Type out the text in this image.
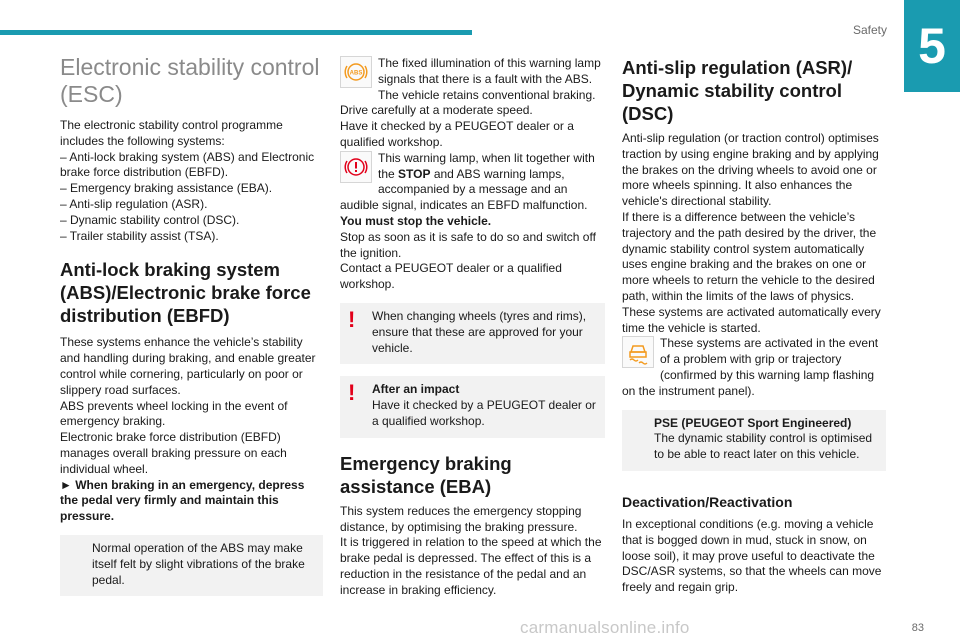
Safety 5
Electronic stability control (ESC)

The electronic stability control programme includes the following systems:

– Anti-lock braking system (ABS) and Electronic brake force distribution (EBFD).

– Emergency braking assistance (EBA).

– Anti-slip regulation (ASR).

– Dynamic stability control (DSC).

– Trailer stability assist (TSA).

Anti-lock braking system (ABS)/Electronic brake force distribution (EBFD)

These systems enhance the vehicle’s stability and handling during braking, and enable greater control while cornering, particularly on poor or slippery road surfaces.

ABS prevents wheel locking in the event of emergency braking.

Electronic brake force distribution (EBFD) manages overall braking pressure on each individual wheel.

► When braking in an emergency, depress the pedal very firmly and maintain this pressure.

Normal operation of the ABS may make itself felt by slight vibrations of the brake pedal.

ABS

The fixed illumination of this warning lamp signals that there is a fault with the ABS.

The vehicle retains conventional braking. Drive carefully at a moderate speed.

Have it checked by a PEUGEOT dealer or a qualified workshop.

This warning lamp, when lit together with the STOP and ABS warning lamps, accompanied by a message and an audible signal, indicates an EBFD malfunction.

You must stop the vehicle.

Stop as soon as it is safe to do so and switch off the ignition.

Contact a PEUGEOT dealer or a qualified workshop.

!	When changing wheels (tyres and rims), ensure that these are approved for your vehicle.

!	After an impact

Have it checked by a PEUGEOT dealer or a qualified workshop.

Emergency braking assistance (EBA)

This system reduces the emergency stopping distance, by optimising the braking pressure.

It is triggered in relation to the speed at which the brake pedal is depressed. The effect of this is a reduction in the resistance of the pedal and an increase in braking efficiency.

Anti-slip regulation (ASR)/ Dynamic stability control (DSC)

Anti-slip regulation (or traction control) optimises traction by using engine braking and by applying the brakes on the driving wheels to avoid one or more wheels spinning. It also enhances the vehicle's directional stability.

If there is a difference between the vehicle’s trajectory and the path desired by the driver, the dynamic stability control system automatically uses engine braking and the brakes on one or more wheels to return the vehicle to the desired path, within the limits of the laws of physics.

These systems are activated automatically every time the vehicle is started.

These systems are activated in the event of a problem with grip or trajectory (confirmed by this warning lamp flashing on the instrument panel).

PSE (PEUGEOT Sport Engineered)

The dynamic stability control is optimised to be able to react later on this vehicle.

Deactivation/Reactivation

In exceptional conditions (e.g. moving a vehicle that is bogged down in mud, stuck in snow, on loose soil), it may prove useful to deactivate the DSC/ASR systems, so that the wheels can move freely and regain grip.

carmanualsonline.info	83
